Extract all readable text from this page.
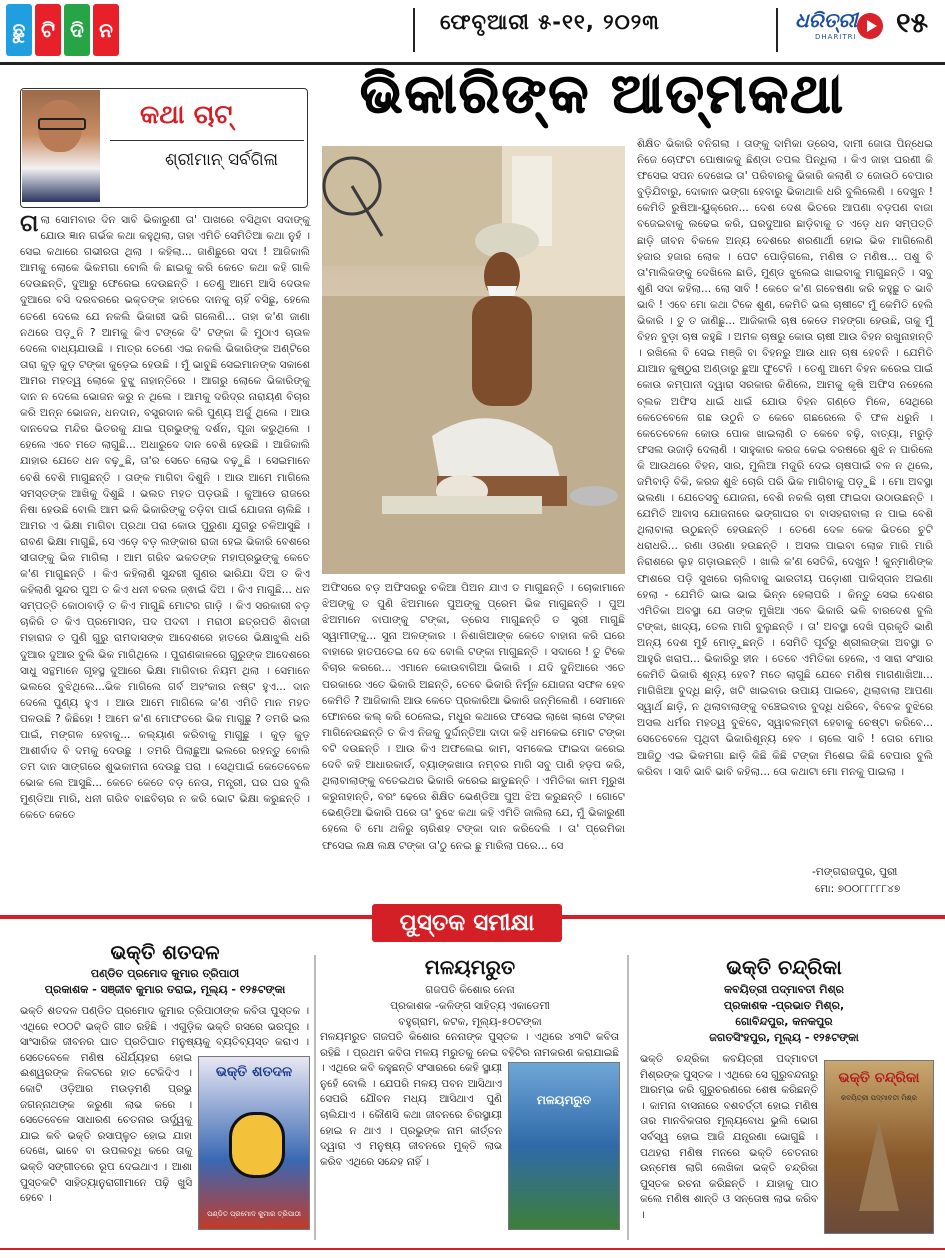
ଛୁ ଟି ଦି ନ	ଫେବୃଆରୀ ୫-୧୧, ୨୦୨୩	ଧରିତ୍ରୀ
DHARITRI ୧୫
କଥା ଚାଟ୍
ଶ୍ରୀମାନ୍ ସର୍ବଗିଳା
ଭିକାରିଙ୍କ ଆତ୍ମକଥା
ଗଲା ସୋମବାର ଦିନ ସାବି ଭିକାରୁଣୀ ତା' ପାଖରେ ବସିଥିବା ସଦାଙ୍କୁ ଯୋଉ ଜ୍ଞାନ ଗର୍ଭକ କଥା କହୁଥିଲା, ତାହା ଏମିତି ସେମିତିଆ କଥା ନୁହଁ । ସେଇ କଥାରେ ଗଭୀରତା ଥିଲା । କହିଲା... ଜାଣିଛୁରେ ସଦା ! ଆଜିକାଲି ଆମକୁ ଲୋକେ ଭିକମଗା ବୋଲି କି ଛାଇକୁ କରି କେତେ କଥା କହି ଗାଳି ଦେଉଛନ୍ତି, ଦୁଆରୁ ଫେରେଇ ଦେଉଛନ୍ତି । ତେଣୁ ଆମେ ଆସି ଦେଉଳ ଦୁଆରେ ବସି ଦରବରରେ ଭକ୍ତଙ୍କ ହାତରେ ଦାନକୁ ଚାହିଁ ବସିଛୁ, ହେଲେ ତେଣେ ଦେଲେ ଯେ ନକଲି ଭିକାରୀ ଭରି ଗଲେଣି... ତାହା କ'ଣ ଜାଣା ନଥରେ ପଡ଼ୁନି ? ଆମକୁ କିଏ ଟଙ୍କେ ଦି' ଟଙ୍କା କି ମୁଠାଏ ଚାଉଳ ଦେଲେ ବାଧ୍ୟଯାଉଛି । ମାତ୍ର ତେଣେ ଏଇ ନକଲି ଭିକାରିଙ୍କ ଅଣ୍ଟିରେ ତାରା କୁଡ଼ କୁଡ଼ ଟଙ୍କା କୁଡ଼େଇ ହେଉଛି । ମୁଁ ଭାବୁଛି ସେଇମାନଙ୍କ ସକାଶେ ଆମର ମହତ୍ୱ ଲୋକେ ବୁଝୁ ନାହାନ୍ତିରେ । ଆଗରୁ ଲୋକେ ଭିକାରିଙ୍କୁ ଦାନ ନ ଦେଲେ ଭୋଜନ କରୁ ନ ଥିଲେ । ଆମକୁ ଦରିଦ୍ର ନାରାୟଣ ବିଚାର କରି ଅନ୍ନ ଭୋଜନ, ଧନଦାନ, ବସ୍ତ୍ରଦାନ କରି ପୁଣ୍ୟ ଅର୍ଜୁ ଥିଲେ । ଆଉ ଦାନଦେଇ ମନ୍ଦିର ଭିତରକୁ ଯାଇ ପ୍ରଭୁଙ୍କୁ ଦର୍ଶନ, ପୂଜା କରୁଥିଲେ । ହେଲେ ଏବେ ମତେ ଲାଗୁଛି... ଅଧାରୁଦେ ଦାନ ବେଶି ହେଉଛି । ଆଜିକାଲି ଯାହାର ଯେତେ ଧନ ବଢ଼ୁଛି, ତା'ର ସେତେ ଲୋଭ ବଢ଼ୁଛି । ସେଇମାନେ ବେଶି ବେଶି ମାଗୁଛନ୍ତି । ତାଙ୍କ ମାଗିବା ଦିଶୁନି । ଆଉ ଆମେ ମାଗିଲେ ସମସ୍ତଙ୍କ ଆଖିକୁ ଦିଶୁଛି । ଭଲତ ମହତ ପଡ଼ଉଛି । କୁଆଡେ ରାଜରେ ନିଷା ହେଉଛି ବୋଲି ଆମ ଭଳି ଭିକାରିଙ୍କୁ ତଡ଼ିବା ପାଇଁ ଯୋଜନା ଚାଲିଛି । ଆମର ଏ ଭିକ୍ଷା ମାଗିବା ପ୍ରଥା ପରା କୋଉ ପୁରୁଣା ଯୁଗରୁ ଚଳିଆସୁଛି । ରାବଣ ଭିକ୍ଷା ମାଗୁଛି, ସେ ଏଡ଼େ ବଡ଼ ଲଙ୍କାର ରାଜା ହେଇ ଭିକାରି ବେଶରେ ସୀତାଙ୍କୁ ଭିକ ମାଗିଲା । ଆମ ଗରିବ ଭକତଙ୍କ ମହାପ୍ରଭୁଙ୍କୁ କେତେ କ'ଣ ମାଗୁଛନ୍ତି । କିଏ କହିଲାଣି ସୁନ୍ଦରୀ ଗୁଣର ଭାରିଯା ଦିଅ ତ କିଏ କହିଲାଣି ସୁନ୍ଦର ପୁଅ ତ କିଏ ଧନୀ ବରଲ ଜ୍ଵାଇଁ ଦିଅ । କିଏ ମାଗୁଛି... ଧନ ସମ୍ପତ୍ତି କୋଠାବାଡ଼ି ତ କିଏ ମାଗୁଛି ମୋଟର ଗାଡ଼ି । କିଏ ସରକାରୀ ବଡ଼ ଚାକିରି ତ କିଏ ପ୍ରମୋସନ, ପଦ ପଦବୀ । ମରାଠୀ ଛତ୍ରପତି ଶିବାଜୀ ମହାରାଜ ତ ପୁଣି ଗୁରୁ ରାମଦାସଙ୍କ ଆଦେଶରେ ହାତରେ ଭିକ୍ଷାଝୁଲି ଧରି ଦୁଆର ଦୁଆର ବୁଲି ଭିକ ମାଗିଥିଲେ । ପୁରାଣକାଳରେ ଗୁରୁଙ୍କ ଆଦେଶରେ ସାଧୁ ସନ୍ଥମାନେ ଗୃହସ୍ଥ ଦୁଆରେ ଭିକ୍ଷା ମାଗିବାର ନିୟମ ଥିଲା । ସେମାନେ ଭଲରେ ବୁଝିଥିଲେ...ଭିକ ମାଗିଲେ ଗର୍ବ ଅହଂକାର ନଷ୍ଟ ହୁଏ... ଦାନ ଦେଲେ ପୁଣ୍ୟ ହୁଏ । ଆଉ ଆମେ ମାଗିଲେ କ'ଣ ଏମିତି ମାନ ମହତ ପଳଉଛି ? କିଛିହୋ ! ଆମେ କ'ଣ ମୋଫତରେ ଭିକ ମାଗୁଛୁ ? ତମରି ଭଲ ପାଇଁ, ମଙ୍ଗଳ ହେବାକୁ... କଲ୍ୟାଣ କରିବାକୁ ମାଗୁଛୁ । କୁଡ଼ କୁଡ଼ ଆଶୀର୍ବାଦ ବି ଦମକୁ ଦେଉଛୁ । ତମରି ପିଲାଛୁଆ ଭଲରେ ରହନ୍ତୁ ବୋଲି ତମ ଦାନ ସାଙ୍ଗରେ ଶୁଭକାମନା ଦେଉଛୁ ପରା । ସେଥିପାଇଁ କେତେବେଳେ ଭୋକ ଲେ ଆସୁଛି... କେତେ କେତେ ବଡ଼ ନେତା, ମନ୍ତ୍ରୀ, ଘର ଘର ବୁଲି ମୁଣ୍ଡିଆ ମାରି, ଧନୀ ଗରିବ ବାଛବିଚାର ନ କରି ଭୋଟ ଭିକ୍ଷା କରୁଛନ୍ତି । କେତେ କେତେ
ଅଫିସରେ ବଡ଼ ଅଫିସରରୁ ଚକିଆ ପିଅନ ଯାଏ ତ ମାଗୁଛନ୍ତି । ଚୋକାମାନେ ଝିଅଙ୍କୁ ତ ପୁଣି ଝିଅମାନେ ପୁଅଙ୍କୁ ପ୍ରେମ ଭିକ ମାଗୁଛନ୍ତି । ପୁଅ ଝିଅମାନେ ବାପାଙ୍କୁ ଟଙ୍କା, ଡ୍ରେସ ମାଗୁଛନ୍ତି ତ ସ୍ତ୍ରୀ ମାଗୁଛି ସ୍ୱାମୀଙ୍କୁ... ସୁନା ଅଳଙ୍କାର । ନିଶାଖିଆଙ୍କ କେତେ ବାହାନା କରି ଘରେ ବାହାରେ ହାତପତେଇ ଦେ ଦେ ବୋଲି ଟଙ୍କା ମାଗୁଛନ୍ତି । ସଦାରେ ! ତୁ ଟିକେ ବିଚାର କରରେ... ଏମାନେ କୋଉବାଗିଆ ଭିକାରି । ଯଦି ଦୁନିଆରେ ଏତେ ପରକାରେ ଏତେ ଭିକାରି ଅଛନ୍ତି, ତେବେ ଭିକାରି ନିର୍ମୂଳ ଯୋଜନା ସଫଳ ହେବ କେମିତି ? ଆଜିକାଲି ଆଉ କେତେ ପ୍ରକାରିଆ ଭିକାରି ଜନ୍ମିଲେଣି । ସେମାନେ ଫୋନରେ କଲ୍ କରି ଠେଲେଇ, ମଧୁର କଥାରେ ଫସେଇ ଲାଖେ ଲାଖେ ଟଙ୍କା ମାଗିନେଉଛନ୍ତି ତ କିଏ ନିଜକୁ ଦୁର୍ଦ୍ଦାନ୍ତିଆ ଦାଦା କହି ଧମକେଇ ମୋଟ ଟଙ୍କା ବଟି ଦଉଛନ୍ତି । ଆଉ କିଏ ଅଫଲେଇ କାମ, ସମକେଇ ଫାଇଦା କରେଇ ଦେବି କହି ଆଧାରକାର୍ଡ, ବ୍ୟାଙ୍କଖାତା ନମ୍ବର ମାଗି ସବୁ ପାଣି ହଡ଼ପ କରି, ଥିଲାବାଲାଙ୍କୁ ବତେଇଥର ଭିକାରି କରେଇ ଛାଡୁଛନ୍ତି । ଏମିତିକା କାମ ମୂରୁଖ କରୁନାହାନ୍ତି, ବରଂ ଢେରେ ଶିକ୍ଷିତ ଭେଣ୍ଡିଆ ପୁଅ ଝିଅ କରୁଛନ୍ତି । ଗୋଟେ ଭେଣ୍ଡିଆ ଭିକାରି ପରେ ତା' ବୁଝେ କଥା କହି ଏମିତି ଜାଲିଲା ଯେ, ମୁଁ ଭିକାରୁଣୀ ହେଲେ ବି ମୋ ଥଳିରୁ ଚାରିଶହ ଟଙ୍କା ଦାନ କରିଦେଲି । ତା' ପ୍ରେମିକା ଫସେଇ ଲକ୍ଷ ଲକ୍ଷ ଟଙ୍କା ତା'ଠୁ ନେଇ ଛୁ ମାରିଲା ପରେ... ସେ
ଶିକ୍ଷିତ ଭିକାରି ବନିଗଲା । ତାଙ୍କୁ ଦାମିକା ଡ୍ରେସ, ଦାମୀ ଜୋତା ପିନ୍ଧେଇ ନିଜେ ଚୋଫଟା ପୋଷାକକୁ ଛିଣ୍ଡା ତପଲ ପିନ୍ଧିଲା । କିଏ ଜାହା ଘରଣୀ କି ଫସେଇ ସପନ ଦେଖେଇ ତା' ପରିବାରକୁ ଭିକାରି କଲାଣି ତ ଜୋଉଠି ବେପାର ବୁଡ଼ିଯିବାରୁ, ଦୋକାନ ଭଙ୍ଗା ହେବାରୁ ଭିକାଥାଳି ଧରି ବୁଲିଲେଣି । ଦେଖୁନ ! କେମିତି ରୁଷିଆ-ୟୁକ୍ରେନ... ଦେଶ ଦେଶ ଭିତରେ ଆପଣା ବଡ଼ପଣ ବାଜା ବଜେଇବାକୁ ଲଢେଇ କରି, ଘରଦୁଆର ଛାଡ଼ିବାକୁ ତ ଏଡ଼େ ଧନ ସମ୍ପତ୍ତି ଛାଡ଼ି ଜୀବନ ବିକଳେ ଅନ୍ୟ ଦେଶରେ ଶରଣାର୍ଥୀ ହୋଇ ଭିକ ମାଗିଲେଣି ହଜାର ହଜାର ଲୋକ । ପେଟ ପୋଡ଼ିଗଲେ, ମଣିଷ ତ ମଣିଷ... ପଶୁ ବି ତା'ମାଲିକଙ୍କୁ ଦେଖିଲେ ଛାଡି, ମୁଣ୍ଡ ଝୁଲେଇ ଖାଇବାକୁ ମାଗୁଛନ୍ତି । ସବୁ ଶୁଣି ସଦା କହିଲା... ଲୋ ସାବି ! କେତେ କ'ଣ ଗବେଷଣା କରି କହୁଛୁ ତ ଭାବି ଭାବି ! ଏବେ ମୋ କଥା ଟିକେ ଶୁଣ, କେମିତି ଭଲ ଚାଷୀଟେ ମୁଁ କେମିତି ହେଲି ଭିକାରି । ତୁ ତ ଜାଣିଛୁ... ଆଜିକାଲି ଚାଷ କେଡେ ମହଙ୍ଗା ହେଉଛି, ତାକୁ ମୁଁ ବିହନ ବୁଡ଼ା ଚାଷ କହୁଛି । ଅମଳ ଚାଷରୁ କୋଉ ଚାଷୀ ଆଉ ବିହନ ରଖୁନାହାନ୍ତି । ରଖିଲେ ବି ସେଇ ମଞ୍ଜି ବା ବିହନରୁ ଆଉ ଧାନ ଚାଷ ହେବନି । ଯେମିତି ଯାଆନ କୁଷ୍ଠୁରା ଅଣ୍ଡାରୁ ଛୁଆ ଫୁଟେନି । ତେଣୁ ଆମେ ବିହନ କରେଇ ପାଇଁ କୋଉ କମ୍ପାନୀ ଦ୍ୱାରା ସରକାର କିଣିଲେ, ଆମକୁ କୃଷି ଅଫିସ ନହେଲେ ବ୍ଲକ ଅଫିସ ଧାଇଁ ଧାଇଁ ଯୋଉ ବିହନ ଗଣ୍ଡେ ମିଳେ, ସେଥିରେ କେତେବେଳେ ଗଛ ଉଠୁନି ତ କେବେ ଗଛରେଲେ ବି ଫଳ ଧରୁନି । କେତେବେଳେ କୋଉ ପୋକ ଖାଇଲାଣି ତ କେବେ ବଢ଼ି, ବାତ୍ୟା, ମରୁଡ଼ି ଫସଲ ଉଜାଡ଼ି ଦେଲାଣି । ସାହୁକାର କରଜ କେଇ ବରଷରେ ଶୁଝି ନ ପାରିଲେ କି ଆଉଥରେ ବିହନ, ସାର, ମୁଲିଆ ମଜୁରି ଦେଇ ଚାଷପାଇଁ ବଳ ନ ଥିଲେ, ଜମିବାଡ଼ି ବିକି, କରଜ ଶୁଝି ଚୋରି ପରି ଭିକ ମାଗିବାକୁ ପଡ଼ୁଛି । ମୋ ଅବସ୍ଥା ଭଲଣା । ଯେତେସବୁ ଯୋଜନା, ବେଶି ନକଲି ଚାଷୀ ଫାଇଦା ଉଠାଉଛନ୍ତି । ଯେମିତି ଆବାସ ଯୋଜନାରେ ଭଙ୍ଗାଘର ବା ବାସହରାବାଲା ନ ପାଇ ବେଶି ଥିଲାବାଲା ଉଠୁଛନ୍ତି ହେଉଛନ୍ତି । ତେଣେ ଦେଳ କେକ ଭିତରେ ଚୁଟି ଧରାଧରି... ରଣା ଓରଣା ହଉଛନ୍ତି । ଅସଲ ପାଇବା ଲୋକ ମାରି ମାରି ନିରାଶରେ ଲୁହ ଗଡ଼ାଉଛନ୍ତି । ଖାଲି କ'ଣ ସେତିକି, ଦେଖୁନ ! କୁନ୍‌ମାଣିଙ୍କ ଫାଶରେ ପଡ଼ି ସୁଖରେ ଚାଲିବାକୁ ଭାରତୀୟ ପଡ଼ୋଶୀ ପାକିସ୍ତାନ ଅଇଣା ହେଲା - ଯେମିତି ଭାଇ ଭାଇ ଭିନ୍ନ ହେଲାପରି । କିନ୍ତୁ ସେଇ ଦେଶର ଏମିତିକା ଅବସ୍ଥା ଯେ ତାଙ୍କ ମୁଖିଆ ଏବେ ଭିକାରି ଭଳି ବାରଦେଶ ବୁଲି ଟଙ୍କା, ଖାଦ୍ୟ, ତେଲ ମାଗି ବୁଲୁଛନ୍ତି । ତା' ଅବସ୍ଥା ଦେଖି ପ୍ରକୃତି ଭାଣି ଅନ୍ୟ ଦେଶ ମୁହଁ ମୋଡ଼ୁଛନ୍ତି । ସେମିତି ପୂର୍ବରୁ ଶ୍ରୀଲଙ୍କା ଅବସ୍ଥା ତ ଆହୁରି ଖରାପ... ଭିକାରିରୁ ହୀନ । ତେବେ ଏମିତିକା ହେଲେ, ଏ ସାରା ସଂସାର କେମିତି ଭିକାରି ଶୂନ୍ୟ ହେବ? ମତେ ଲାଗୁଛି ଯେବେ ମଣିଷ ମାଗଣାଖିଆ... ମାଗିଖିଆ ବୁଦ୍ଧି ଛାଡ଼ି, ଖଟି ଖାଇବାର ଉପାୟ ପାଇବେ, ଥିଲାବାଲା ଆପଣା ସ୍ୱାର୍ଥ ଛାଡ଼ି, ନ ଥିଲାବାଲାଙ୍କୁ ବଞ୍ଚେଇବାର ବୁଦ୍ଧି ଧରିବେ, ବିବେକ ବୁଝିରେ ଅସଲ ଧର୍ମର ମହତ୍ୱ ବୁଝିବେ, ସ୍ୱାବଲମ୍ବୀ ହେବାକୁ ଚେଷ୍ଟା କରିବେ... ସେତେବେଳେ ପୃଥିବୀ ଭିକାରିଶୂନ୍ୟ ହେବ । ଚାଲେ ସାବି ! ତୋର ମୋର ଆଜିଠୁ ଏଇ ଭିକମଗା ଛାଡ଼ି କିଛି କିଛି ଟଙ୍କା ମିଶେଇ କିଛି ବେପାର ବୁଲି କରିବା । ସାବି ଭାବି ଭାବି କହିଲା... ତୋ କଥାଟା ମୋ ମନକୁ ପାଇଲା ।
-ମଙ୍ଗରାଜପୁର, ପୁରୀ
ମୋ: ୭୦୦୮୮୮୮୮୪୭
ପୁସ୍ତକ ସମୀକ୍ଷା
ଭକ୍ତି ଶତଦଳ
ପଣ୍ଡିତ ପ୍ରମୋଦ କୁମାର ତ୍ରିପାଠୀ
ପ୍ରକାଶକ - ସଞ୍ଜୀବ କୁମାର ତରାଇ, ମୂଲ୍ୟ - ୧୨୫ଟଙ୍କା
ଭକ୍ତି ଶତଦଳ
ପଣ୍ଡିତ ପ୍ରମୋଦ କୁମାର ତ୍ରିପାଠୀ
ଭକ୍ତି ଶତଦଳ ପଣ୍ଡିତ ପ୍ରମୋଦ କୁମାର ତ୍ରିପାଠୀଙ୍କ କବିତା ପୁସ୍ତକ । ଏଥିରେ ୧୦୦ଟି ଭକ୍ତି ଗୀତ ରହିଛି । ଏଗୁଡ଼ିକ ଭକ୍ତି ରସରେ ଭରପୂର । ସାଂସାରିକ ଜୀବନର ଘାତ ପ୍ରତିଘାତ ମନୁଷ୍ୟକୁ ବ୍ୟତିବ୍ୟସ୍ତ କରାଏ । ସେତେବେଳେ ମଣିଷ ଧୈର୍ଯ୍ୟହରା ହୋଇ ଈଶ୍ୱରଙ୍କ ନିକଟରେ ହାତ ଟେକିଦିଏ । କୋଟି ଓଡ଼ିଆର ମଉଡ଼ମଣି ପ୍ରଭୁ ଜଗନ୍ନାଥଙ୍କ କରୁଣା ଲାଭ କରେ । ସେତେବେଳେ ସାଧାରଣ ଚେତନାର ଊର୍ଦ୍ଧ୍ୱକୁ ଯାଇ କବି ଭକ୍ତି ରସାପ୍ଳୁତ ହୋଇ ଯାହା ଦେଖେ, ଭାବେ ବା ଉପଲବ୍ଧି କରେ ତାକୁ ଭକ୍ତି ସଙ୍ଗୀତରେ ରୂପ ଦେଇଥାଏ । ଆଶା ପୁସ୍ତକଟି ସାହିତ୍ୟାନୁରାଗୀମାନେ ପଢ଼ି ଖୁସି ହେବେ ।
ମଳୟମରୁତ
ଗଜପତି କିଶୋର ନେନା
ପ୍ରକାଶକ -କଳିଙ୍ଗ ସାହିତ୍ୟ ଏକାଡେମୀ
ବହୁଗ୍ରାମ, କଟକ, ମୂଲ୍ୟ-୫୦ଟଙ୍କା
ମଳୟମରୁତ
ମଳୟମରୁତ ଗଜପତି କିଶୋର ନେନାଙ୍କ ପୁସ୍ତକ । ଏଥିରେ ୪୩ଟି କବିତା ରହିଛି । ପ୍ରଥମ କବିତା ମଳୟ ମରୁତକୁ ନେଇ ବହିଟିର ନାମକରଣ କରାଯାଇଛି । ଏଥିରେ କବି କହୁଛନ୍ତି ସଂସାରରେ କେହି ସ୍ଥାୟୀ ନୁହେଁ ବୋଲି । ଯେପରି ମଳୟ ପବନ ଆସିଥାଏ ସେପରି ଯୌବନ ମଧ୍ୟ ଆସିଥାଏ ପୁଣି ଚାଲିଯାଏ । କୌଣସି କଥା ଜୀବନରେ ଚିରସ୍ଥାୟୀ ହୋଇ ନ ଥାଏ । ପ୍ରଭୁଙ୍କ ନାମ କୀର୍ତ୍ତନ ଦ୍ୱାରା ଏ ମନୁଷ୍ୟ ଜୀବନରେ ମୁକ୍ତି ଲାଭ କରିବ ଏଥିରେ ସନ୍ଦେହ ନାହିଁ ।
ଭକ୍ତି ଚନ୍ଦ୍ରିକା
କବୟିତ୍ରୀ ପଦ୍ମାବତୀ ମିଶ୍ର
ପ୍ରକାଶକ -ପ୍ରଭାତ ମିଶ୍ର,
ଗୋବିନ୍ଦପୁର, କନକପୁର
ଜଗତସିଂହପୁର, ମୂଲ୍ୟ - ୧୨୫ଟଙ୍କା
ଭକ୍ତି ଚନ୍ଦ୍ରିକା
କବୟିତ୍ରୀ ପଦ୍ମାବତୀ ମିଶ୍ର
ଭକ୍ତି ଚନ୍ଦ୍ରିକା କବୟିତ୍ରୀ ପଦ୍ମାବତୀ ମିଶ୍ରଙ୍କ ପୁସ୍ତକ । ଏଥିରେ ସେ ଗୁରୁବନ୍ଦନାରୁ ଆରମ୍ଭ କରି ଗୁରୁଚରଣରେ ଶେଷ କରିଛନ୍ତି । କାମନା ବାସନାରେ ବଶବର୍ତ୍ତୀ ହୋଇ ମଣିଷ ତାର ମାନବିକତାର ମୂଲ୍ୟବୋଧ ଭୁଲି ଭୋଗ ସର୍ବସ୍ୱ ହୋଇ ଆଜି ଯନ୍ତ୍ରଣା ଭୋଗୁଛି । ପଥହରା ମଣିଷ ମନରେ ଭକ୍ତି ଚେତନାର ଉନ୍ମେଷ ଲାଗି ଲେଖିକା ଭକ୍ତି ଚନ୍ଦ୍ରିକା ପୁସ୍ତକ ରଚନା କରିଛନ୍ତି । ଯାହାକୁ ପାଠ କଲେ ମଣିଷ ଶାନ୍ତି ଓ ସନ୍ତୋଷ ଲାଭ କରିବ ।
